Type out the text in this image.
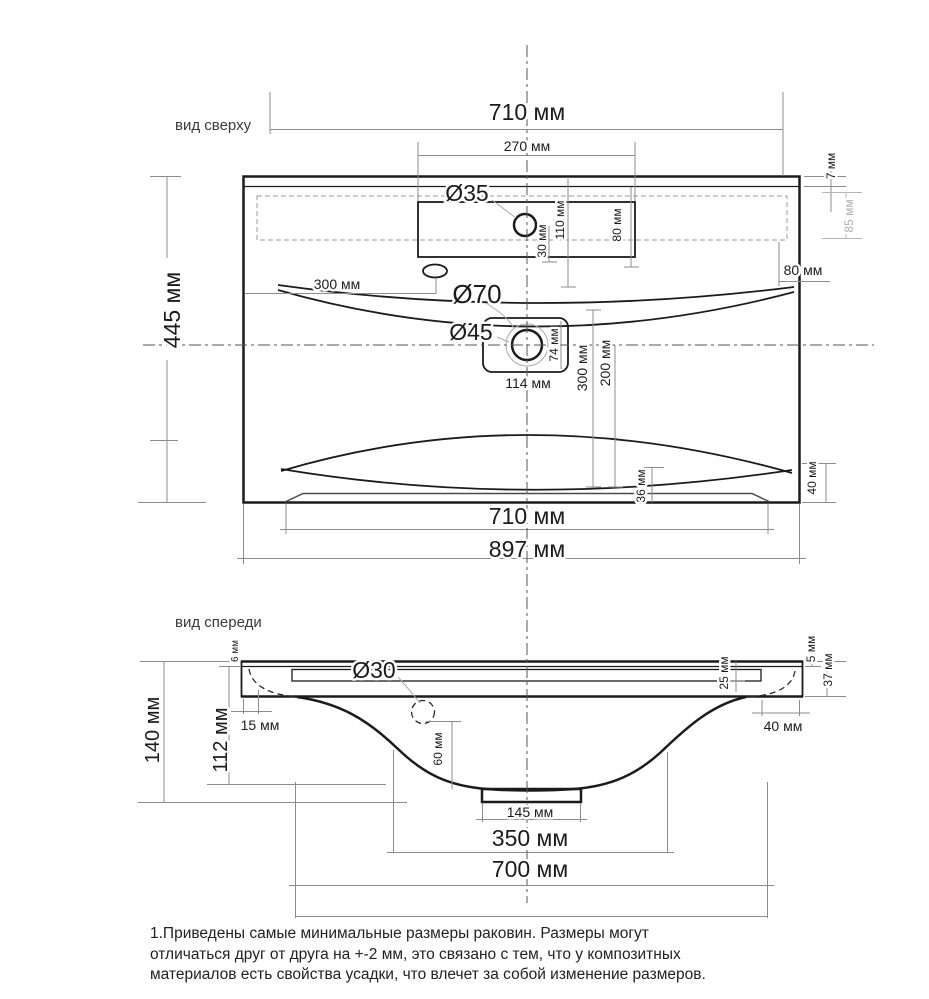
вид сверху
710 мм
270 мм
7 мм
85 мм
80 мм
Ø35
30 мм
110 мм	80 мм
300 мм	Ø70
Ø45	74 мм
114 мм 300 мм 200 мм
445 мм
36 мм	40 мм
710 мм
897 мм
вид спереди
6 мм
Ø30
15 мм
60 мм
25 мм
40 мм
5 мм
37 мм
140 мм 112 мм
145 мм
350 мм
700 мм
1.Приведены самые минимальные размеры раковин. Размеры могут
отличаться друг от друга на +-2 мм, это связано с тем, что у композитных
материалов есть свойства усадки, что влечет за собой изменение размеров.
